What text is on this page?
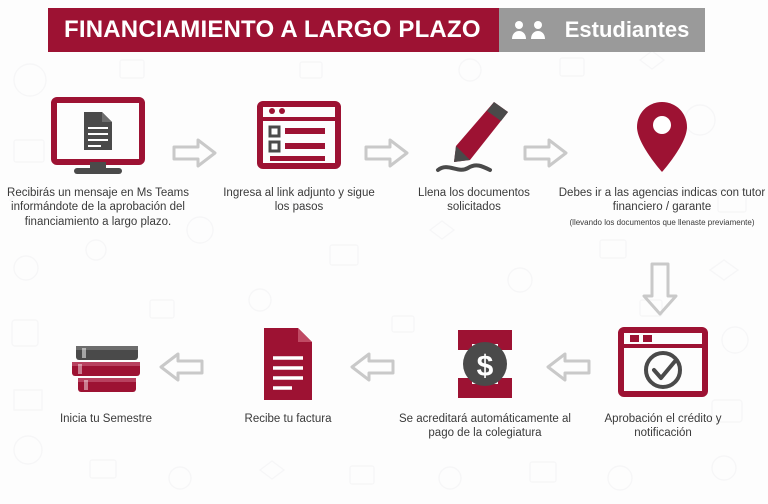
FINANCIAMIENTO A LARGO PLAZO	Estudiantes
Recibirás un mensaje en Ms Teams informándote de la aprobación del financiamiento a largo plazo.
Ingresa al link adjunto y sigue los pasos
Llena los documentos solicitados
Debes ir a las agencias indicas con tutor financiero / garante
(llevando los documentos que llenaste previamente)
Aprobación el crédito y notificación
$
Se acreditará automáticamente al pago de la colegiatura
Recibe tu factura
Inicia tu Semestre
